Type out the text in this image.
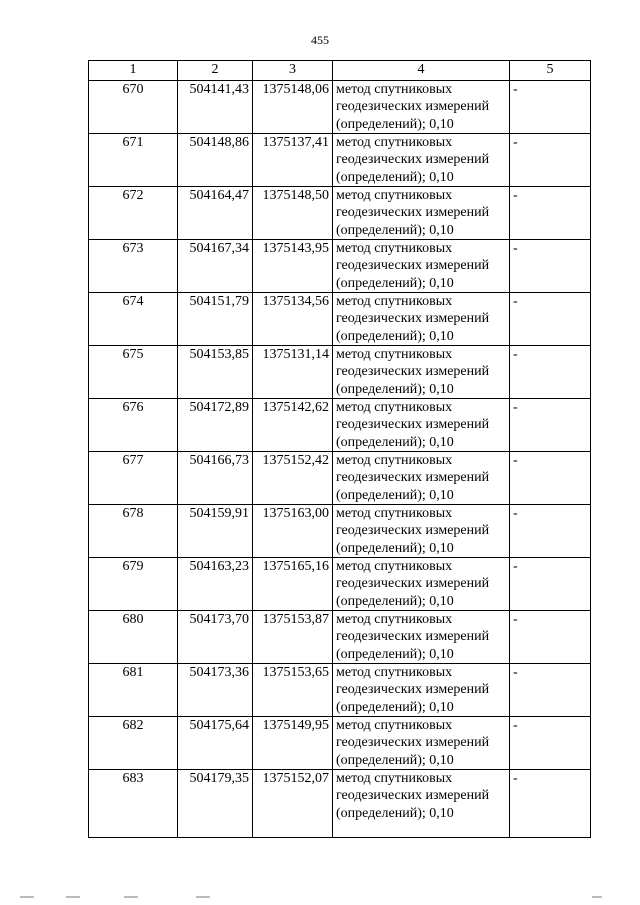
455
1	2	3	4	5
670	504141,43	1375148,06	метод спутниковых
геодезических измерений
(определений); 0,10	-
671	504148,86	1375137,41	метод спутниковых
геодезических измерений
(определений); 0,10	-
672	504164,47	1375148,50	метод спутниковых
геодезических измерений
(определений); 0,10	-
673	504167,34	1375143,95	метод спутниковых
геодезических измерений
(определений); 0,10	-
674	504151,79	1375134,56	метод спутниковых
геодезических измерений
(определений); 0,10	-
675	504153,85	1375131,14	метод спутниковых
геодезических измерений
(определений); 0,10	-
676	504172,89	1375142,62	метод спутниковых
геодезических измерений
(определений); 0,10	-
677	504166,73	1375152,42	метод спутниковых
геодезических измерений
(определений); 0,10	-
678	504159,91	1375163,00	метод спутниковых
геодезических измерений
(определений); 0,10	-
679	504163,23	1375165,16	метод спутниковых
геодезических измерений
(определений); 0,10	-
680	504173,70	1375153,87	метод спутниковых
геодезических измерений
(определений); 0,10	-
681	504173,36	1375153,65	метод спутниковых
геодезических измерений
(определений); 0,10	-
682	504175,64	1375149,95	метод спутниковых
геодезических измерений
(определений); 0,10	-
683	504179,35	1375152,07	метод спутниковых
геодезических измерений
(определений); 0,10	-
